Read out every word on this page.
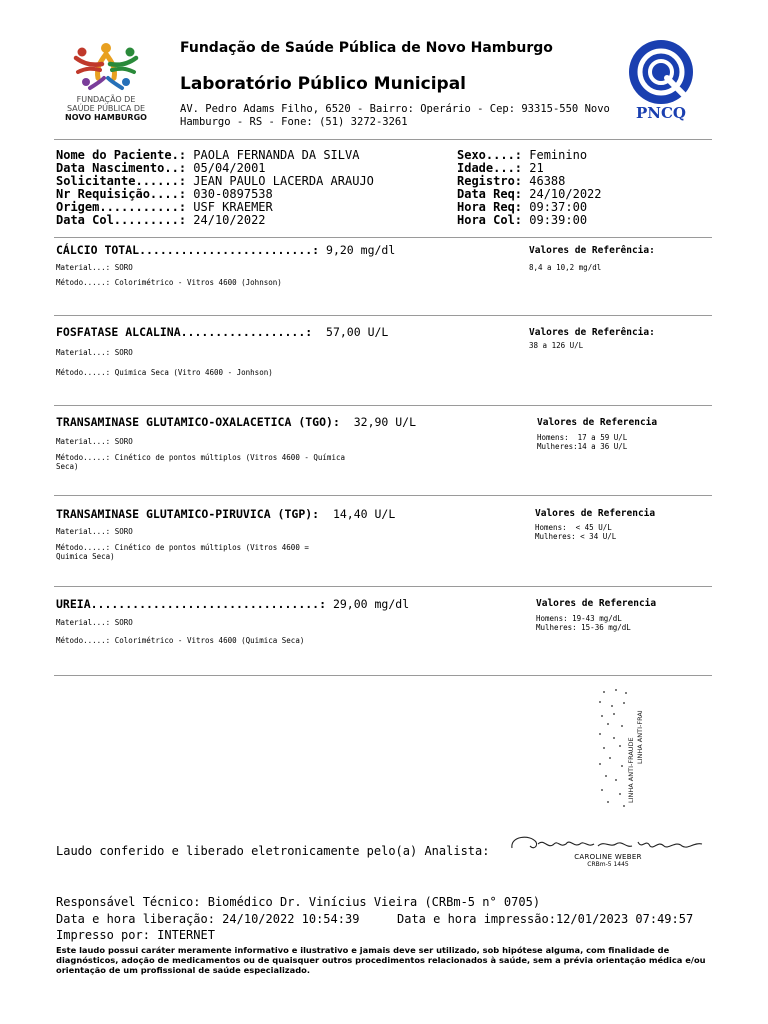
FUNDAÇÃO DE
SAÚDE PÚBLICA DE
NOVO HAMBURGO
Fundação de Saúde Pública de Novo Hamburgo
Laboratório Público Municipal
AV. Pedro Adams Filho, 6520 - Bairro: Operário - Cep: 93315-550 Novo Hamburgo - RS - Fone: (51) 3272-3261	PNCQ
Nome do Paciente.: PAOLA FERNANDA DA SILVA
Data Nascimento..: 05/04/2001
Solicitante......: JEAN PAULO LACERDA ARAUJO
Nr Requisição....: 030-0897538
Origem...........: USF KRAEMER
Data Col.........: 24/10/2022
Sexo....: Feminino
Idade...: 21
Registro: 46388
Data Req: 24/10/2022
Hora Req: 09:37:00
Hora Col: 09:39:00
CÁLCIO TOTAL.........................: 9,20 mg/dl
Material...: SORO
Método.....: Colorimétrico - Vitros 4600 (Johnson)
Valores de Referência:
8,4 a 10,2 mg/dl
FOSFATASE ALCALINA..................:  57,00 U/L
Material...: SORO
Método.....: Quimica Seca (Vitro 4600 - Jonhson)
Valores de Referência:
38 a 126 U/L
TRANSAMINASE GLUTAMICO-OXALACETICA (TGO):  32,90 U/L
Material...: SORO
Método.....: Cinético de pontos múltiplos (Vitros 4600 - Química
Seca)
Valores de Referencia
Homens:  17 a 59 U/L
Mulheres:14 a 36 U/L
TRANSAMINASE GLUTAMICO-PIRUVICA (TGP):  14,40 U/L
Material...: SORO
Método.....: Cinético de pontos múltiplos (Vitros 4600 =
Quimica Seca)
Valores de Referencia
Homens:  < 45 U/L
Mulheres: < 34 U/L
UREIA.................................: 29,00 mg/dl
Material...: SORO
Método.....: Colorimétrico - Vitros 4600 (Quimica Seca)
Valores de Referencia
Homens: 19-43 mg/dL
Mulheres: 15-36 mg/dL
LINHA ANTI-FRAUDE
LINHA ANTI-FRAI
Laudo conferido e liberado eletronicamente pelo(a) Analista:	CAROLINE WEBER
CRBm-5 1445
Responsável Técnico: Biomédico Dr. Vinícius Vieira (CRBm-5 n° 0705)
Data e hora liberação: 24/10/2022 10:54:39	Data e hora impressão:12/01/2023 07:49:57
Impresso por: INTERNET
Este laudo possui caráter meramente informativo e ilustrativo e jamais deve ser utilizado, sob hipótese alguma, com finalidade de diagnósticos, adoção de medicamentos ou de quaisquer outros procedimentos relacionados à saúde, sem a prévia orientação médica e/ou orientação de um profissional de saúde especializado.
